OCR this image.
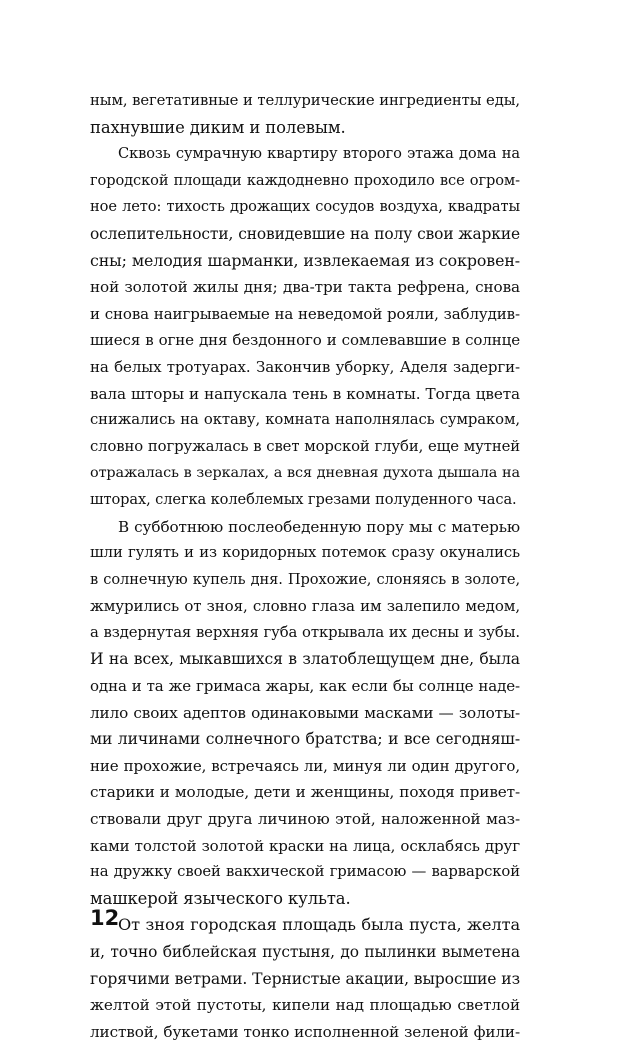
ным, вегетативные и теллурические ингредиенты еды,
пахнувшие диким и полевым.
Сквозь сумрачную квартиру второго этажа дома на
городской площади каждодневно проходило все огром-
ное лето: тихость дрожащих сосудов воздуха, квадраты
ослепительности, сновидевшие на полу свои жаркие
сны; мелодия шарманки, извлекаемая из сокровен-
ной золотой жилы дня; два-три такта рефрена, снова
и снова наигрываемые на неведомой рояли, заблудив-
шиеся в огне дня бездонного и сомлевавшие в солнце
на белых тротуарах. Закончив уборку, Аделя задерги-
вала шторы и напускала тень в комнаты. Тогда цвета
снижались на октаву, комната наполнялась сумраком,
словно погружалась в свет морской глуби, еще мутней
отражалась в зеркалах, а вся дневная духота дышала на
шторах, слегка колеблемых грезами полуденного часа.
В субботнюю послеобеденную пору мы с матерью
шли гулять и из коридорных потемок сразу окунались
в солнечную купель дня. Прохожие, слоняясь в золоте,
жмурились от зноя, словно глаза им залепило медом,
а вздернутая верхняя губа открывала их десны и зубы.
И на всех, мыкавшихся в златоблещущем дне, была
одна и та же гримаса жары, как если бы солнце наде-
лило своих адептов одинаковыми масками — золоты-
ми личинами солнечного братства; и все сегодняш-
ние прохожие, встречаясь ли, минуя ли один другого,
старики и молодые, дети и женщины, походя привет-
ствовали друг друга личиною этой, наложенной маз-
ками толстой золотой краски на лица, осклабясь друг
на дружку своей вакхической гримасою — варварской
машкерой языческого культа.
От зноя городская площадь была пуста, желта
и, точно библейская пустыня, до пылинки выметена
горячими ветрами. Тернистые акации, выросшие из
желтой этой пустоты, кипели над площадью светлой
листвой, букетами тонко исполненной зеленой фили-
12
